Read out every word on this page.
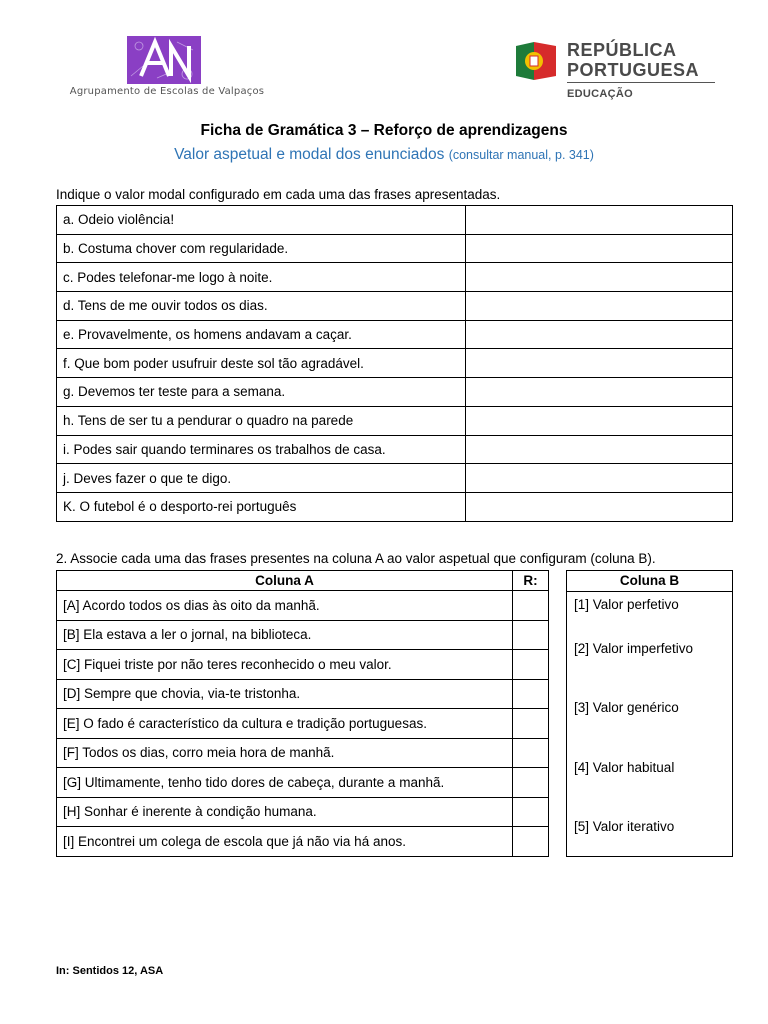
Agrupamento de Escolas de Valpaços
REPÚBLICA
PORTUGUESA
EDUCAÇÃO
Ficha de Gramática 3 – Reforço de aprendizagens
Valor aspetual e modal dos enunciados (consultar manual, p. 341)
Indique o valor modal configurado em cada uma das frases apresentadas.
a. Odeio violência!	
b. Costuma chover com regularidade.	
c. Podes telefonar-me logo à noite.	
d. Tens de me ouvir todos os dias.	
e. Provavelmente, os homens andavam a caçar.	
f. Que bom poder usufruir deste sol tão agradável.	
g. Devemos ter teste para a semana.	
h. Tens de ser tu a pendurar o quadro na parede	
i. Podes sair quando terminares os trabalhos de casa.	
j. Deves fazer o que te digo.	
K. O futebol é o desporto-rei português	
2. Associe cada uma das frases presentes na coluna A ao valor aspetual que configuram (coluna B).
Coluna A	R:
[A] Acordo todos os dias às oito da manhã.	
[B] Ela estava a ler o jornal, na biblioteca.	
[C] Fiquei triste por não teres reconhecido o meu valor.	
[D] Sempre que chovia, via-te tristonha.	
[E] O fado é característico da cultura e tradição portuguesas.	
[F] Todos os dias, corro meia hora de manhã.	
[G] Ultimamente, tenho tido dores de cabeça, durante a manhã.	
[H] Sonhar é inerente à condição humana.	
[I] Encontrei um colega de escola que já não via há anos.	
Coluna B
[1] Valor perfetivo
[2] Valor imperfetivo
[3] Valor genérico
[4] Valor habitual
[5] Valor iterativo
In: Sentidos 12, ASA
